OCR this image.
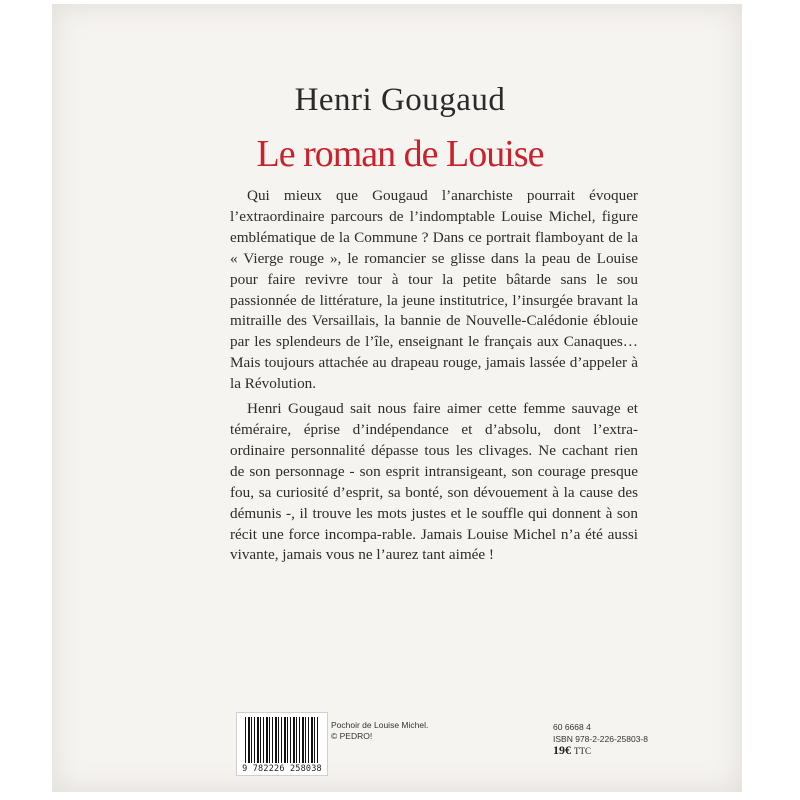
Henri Gougaud
Le roman de Louise

Qui mieux que Gougaud l’anarchiste pourrait évoquer l’extraordinaire parcours de l’indomptable Louise Michel, figure emblématique de la Commune ? Dans ce portrait flamboyant de la « Vierge rouge », le romancier se glisse dans la peau de Louise pour faire revivre tour à tour la petite bâtarde sans le sou passionnée de littérature, la jeune institutrice, l’insurgée bravant la mitraille des Versaillais, la bannie de Nouvelle-Calédonie éblouie par les splendeurs de l’île, enseignant le français aux Canaques… Mais toujours attachée au drapeau rouge, jamais lassée d’appeler à la Révolution.

Henri Gougaud sait nous faire aimer cette femme sauvage et téméraire, éprise d’indépendance et d’absolu, dont l’extra-ordinaire personnalité dépasse tous les clivages. Ne cachant rien de son personnage - son esprit intransigeant, son courage presque fou, sa curiosité d’esprit, sa bonté, son dévouement à la cause des démunis -, il trouve les mots justes et le souffle qui donnent à son récit une force incompa-rable. Jamais Louise Michel n’a été aussi vivante, jamais vous ne l’aurez tant aimée !

9 782226 258038
Pochoir de Louise Michel.
© PEDRO!
60 6668 4
ISBN 978-2-226-25803-8
19€ TTC
